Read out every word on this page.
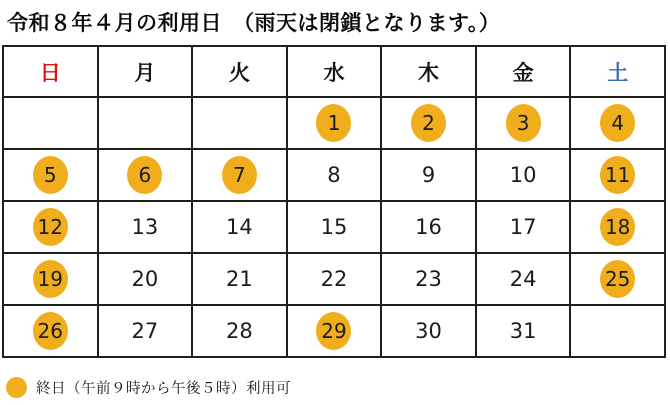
令和８年４月の利用日　（雨天は閉鎖となります。）
日	月	火	水	木	金	土
			1	2	3	4
5	6	7	8	9	10	11
12	13	14	15	16	17	18
19	20	21	22	23	24	25
26	27	28	29	30	31	
終日（午前９時から午後５時）利用可
